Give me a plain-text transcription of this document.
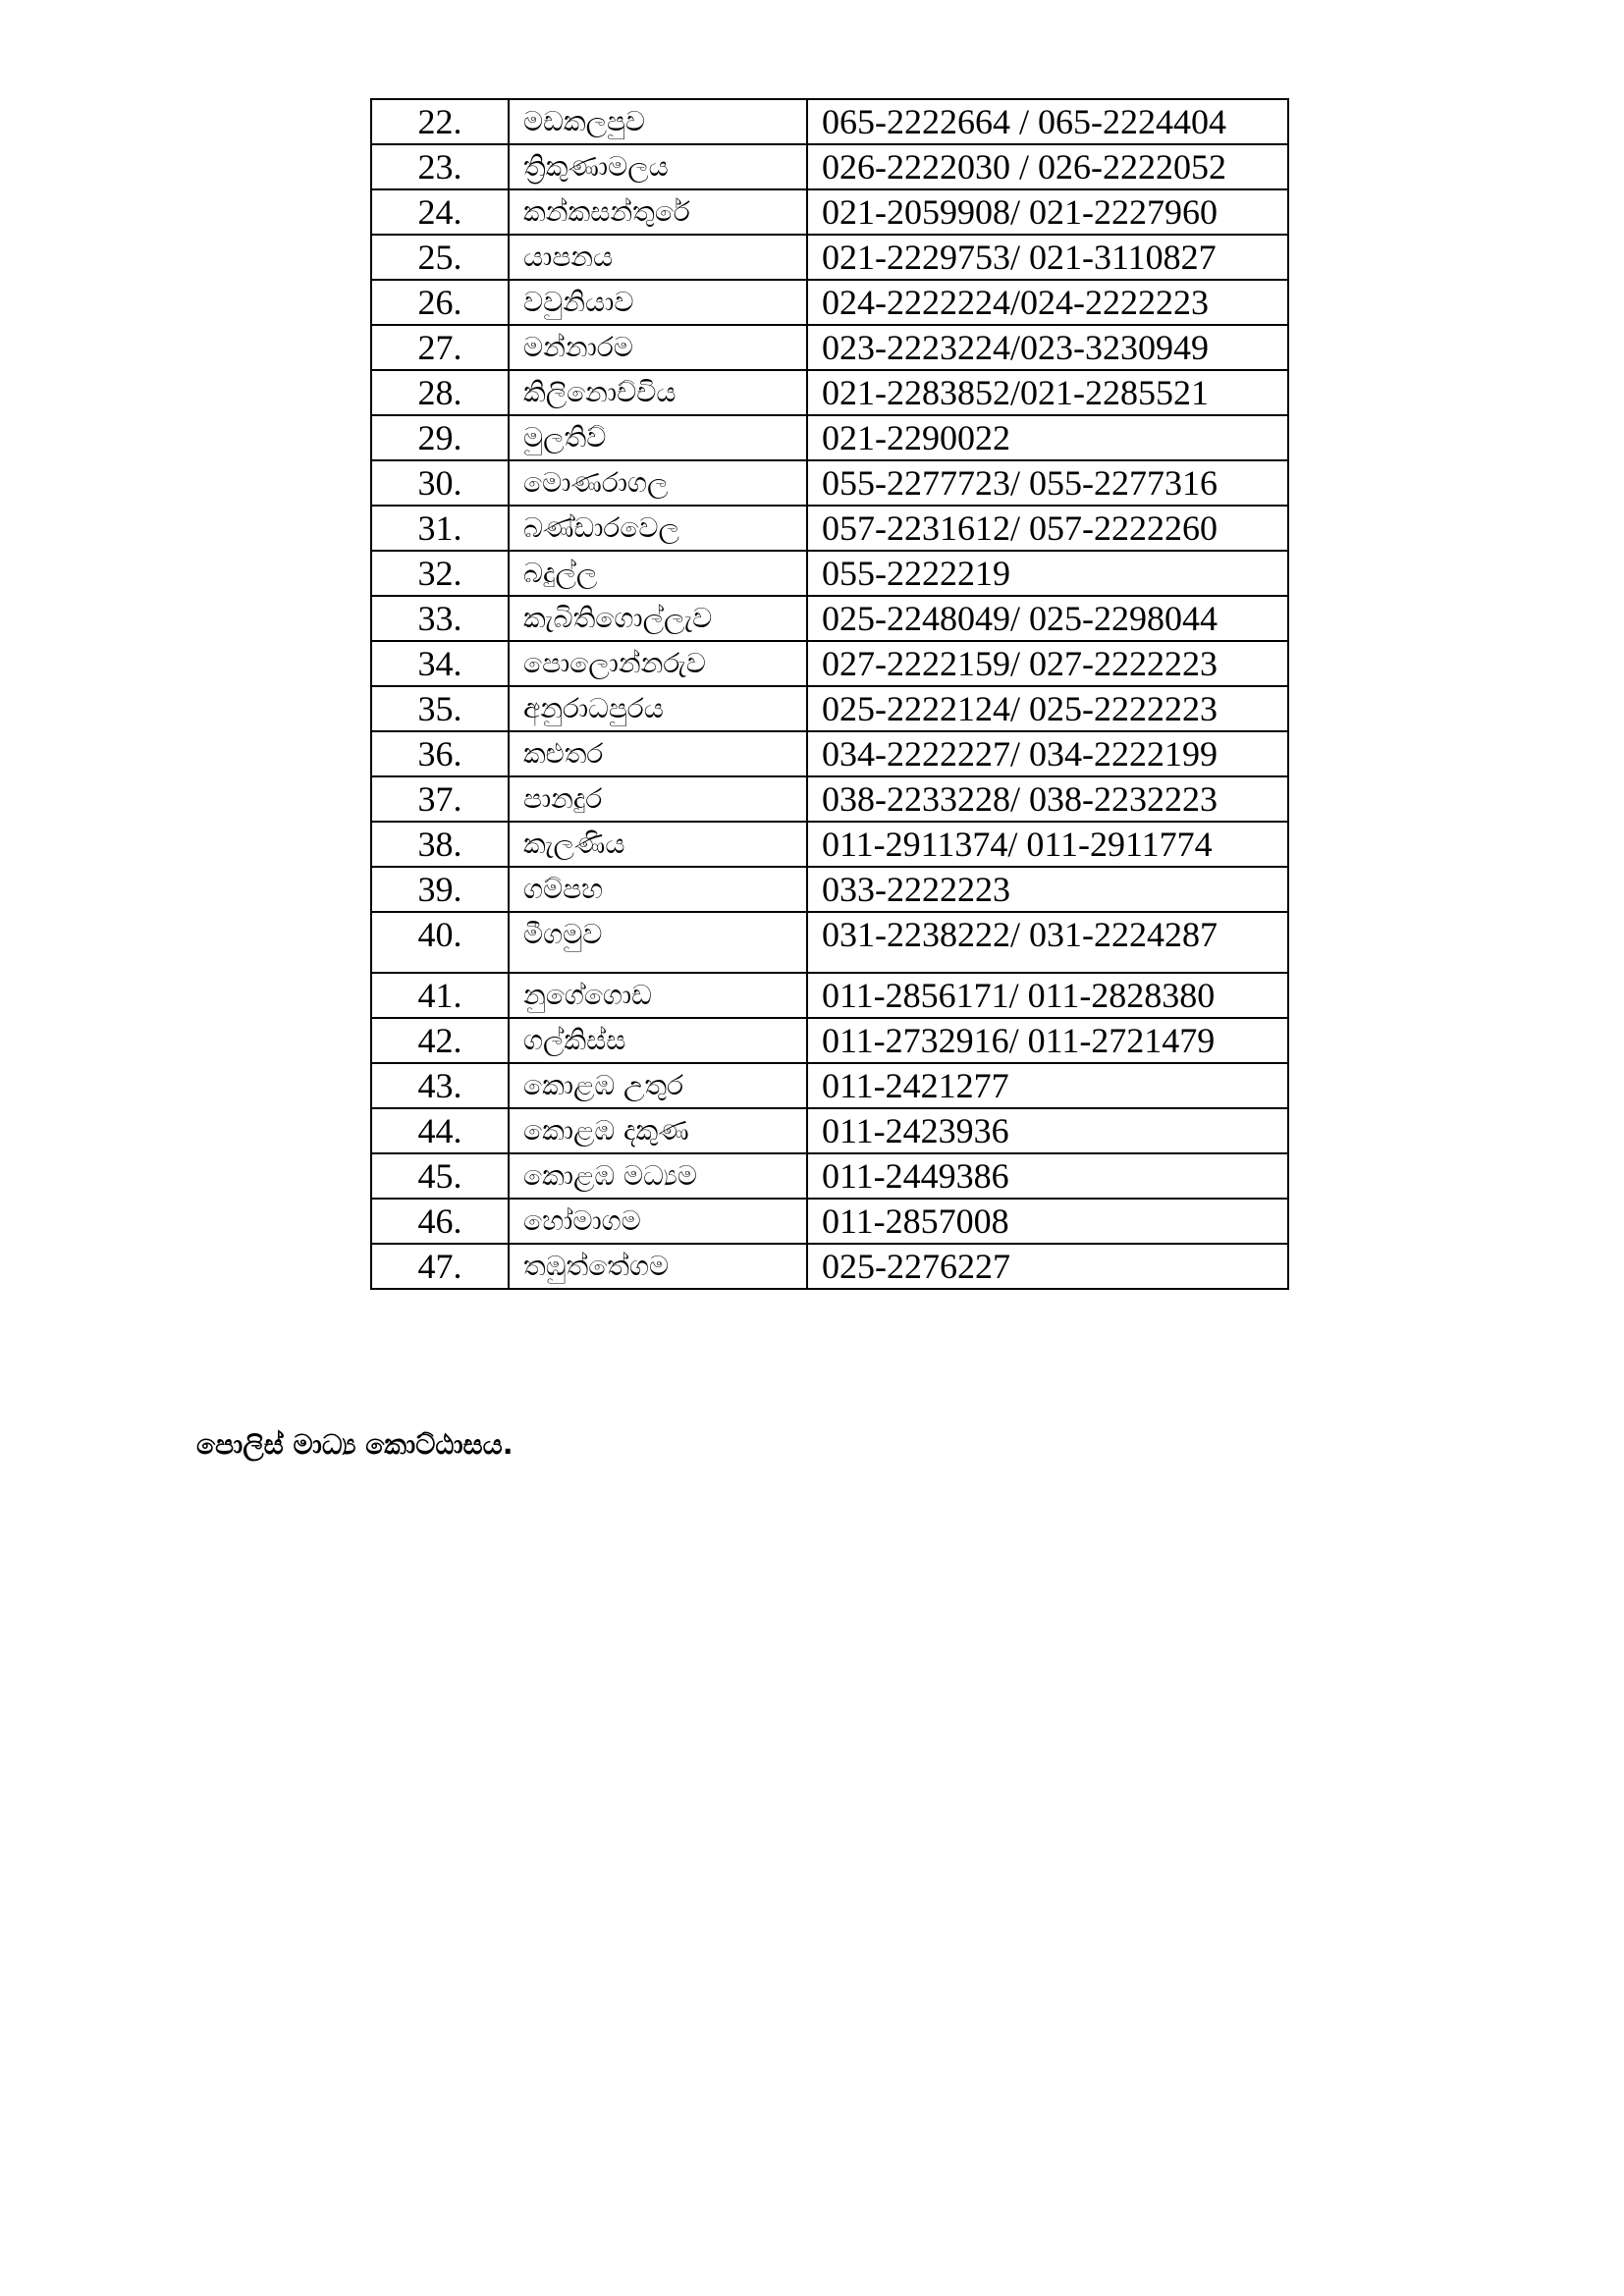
22.	මඩකලපුව	065-2222664 / 065-2224404
23.	ත්‍රිකුණාමලය	026-2222030 / 026-2222052
24.	කන්කසන්තුරේ	021-2059908/ 021-2227960
25.	යාපනය	021-2229753/ 021-3110827
26.	වවුනියාව	024-2222224/024-2222223
27.	මන්නාරම	023-2223224/023-3230949
28.	කිලිනොච්චිය	021-2283852/021-2285521
29.	මුලතිව්	021-2290022
30.	මොණරාගල	055-2277723/ 055-2277316
31.	බණ්ඩාරවෙල	057-2231612/ 057-2222260
32.	බදුල්ල	055-2222219
33.	කැබිතිගොල්ලැව	025-2248049/ 025-2298044
34.	පොලොන්නරුව	027-2222159/ 027-2222223
35.	අනුරාධපුරය	025-2222124/ 025-2222223
36.	කළුතර	034-2222227/ 034-2222199
37.	පානදුර	038-2233228/ 038-2232223
38.	කැලණිය	011-2911374/ 011-2911774
39.	ගම්පහ	033-2222223
40.	මීගමුව	031-2238222/ 031-2224287
41.	නුගේගොඩ	011-2856171/ 011-2828380
42.	ගල්කිස්ස	011-2732916/ 011-2721479
43.	කොළඹ උතුර	011-2421277
44.	කොළඹ දකුණ	011-2423936
45.	කොළඹ මධ්‍යම	011-2449386
46.	හෝමාගම	011-2857008
47.	තඹුත්තේගම	025-2276227
පොලිස් මාධ්‍ය කොට්ඨාසය.
